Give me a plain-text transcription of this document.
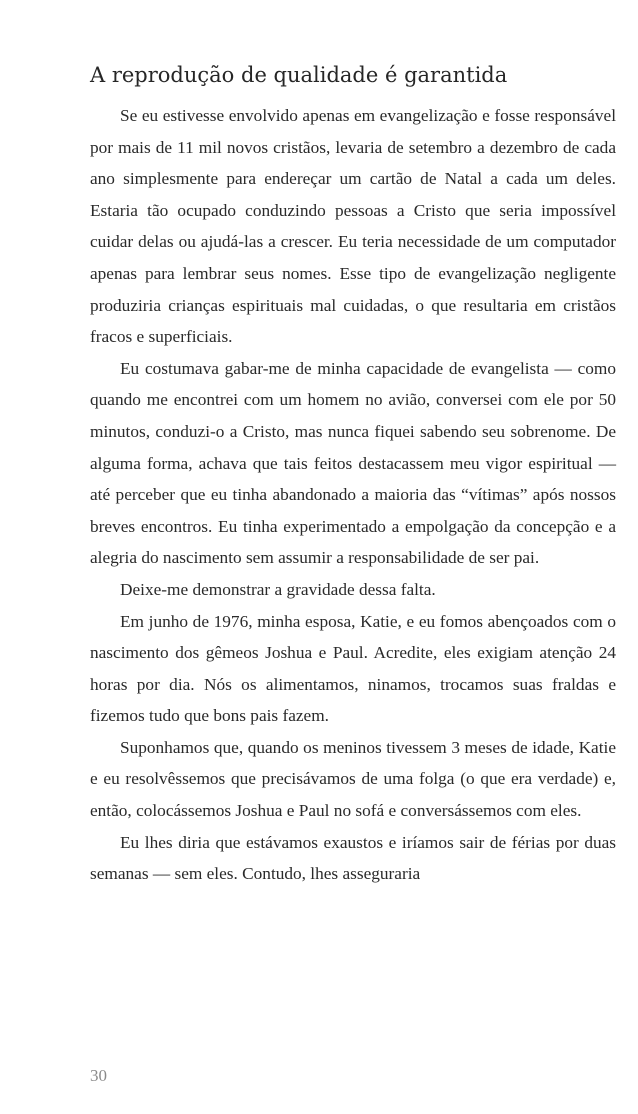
A reprodução de qualidade é garantida

Se eu estivesse envolvido apenas em evangelização e fosse responsável por mais de 11 mil novos cristãos, levaria de setembro a dezembro de cada ano simplesmente para endereçar um cartão de Natal a cada um deles. Estaria tão ocupado conduzindo pessoas a Cristo que seria impossível cuidar delas ou ajudá-las a crescer. Eu teria necessidade de um computador apenas para lembrar seus nomes. Esse tipo de evangelização negligente produziria crianças espirituais mal cuidadas, o que resultaria em cristãos fracos e superficiais.

Eu costumava gabar-me de minha capacidade de evangelista — como quando me encontrei com um homem no avião, conversei com ele por 50 minutos, conduzi-o a Cristo, mas nunca fiquei sabendo seu sobrenome. De alguma forma, achava que tais feitos destacassem meu vigor espiritual — até perceber que eu tinha abandonado a maioria das “vítimas” após nossos breves encontros. Eu tinha experimentado a empolgação da concepção e a alegria do nascimento sem assumir a responsabilidade de ser pai.

Deixe-me demonstrar a gravidade dessa falta.

Em junho de 1976, minha esposa, Katie, e eu fomos abençoados com o nascimento dos gêmeos Joshua e Paul. Acredite, eles exigiam atenção 24 horas por dia. Nós os alimentamos, ninamos, trocamos suas fraldas e fizemos tudo que bons pais fazem.

Suponhamos que, quando os meninos tivessem 3 meses de idade, Katie e eu resolvêssemos que precisávamos de uma folga (o que era verdade) e, então, colocássemos Joshua e Paul no sofá e conversássemos com eles.

Eu lhes diria que estávamos exaustos e iríamos sair de férias por duas semanas — sem eles. Contudo, lhes asseguraria

30
